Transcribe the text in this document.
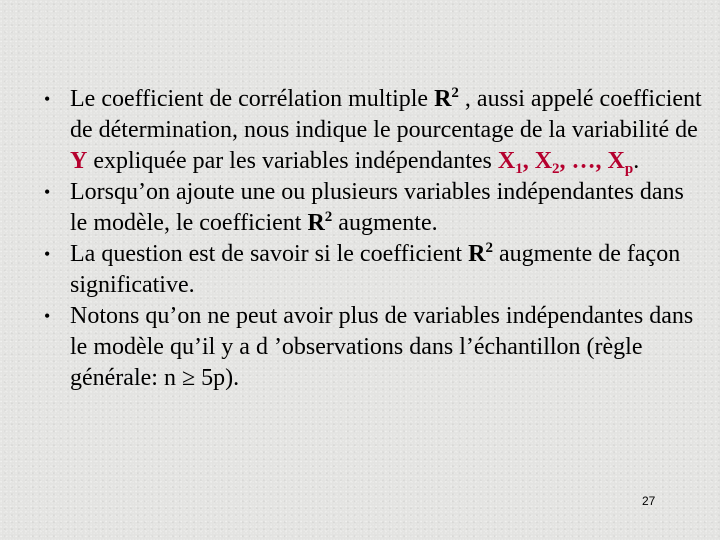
• Le coefficient de corrélation multiple $R^2$ , aussi appelé coefficient de détermination, nous indique le pourcentage de la variabilité de Y expliquée par les variables indépendantes $X_1$, $X_2$, …, $X_p$.
• Lorsqu’on ajoute une ou plusieurs variables indépendantes dans le modèle, le coefficient $R^2$ augmente.
• La question est de savoir si le coefficient $R^2$ augmente de façon significative.
• Notons qu’on ne peut avoir plus de variables indépendantes dans le modèle qu’il y a d ’observations dans l’échantillon (règle générale: n ≥ 5p).
27
